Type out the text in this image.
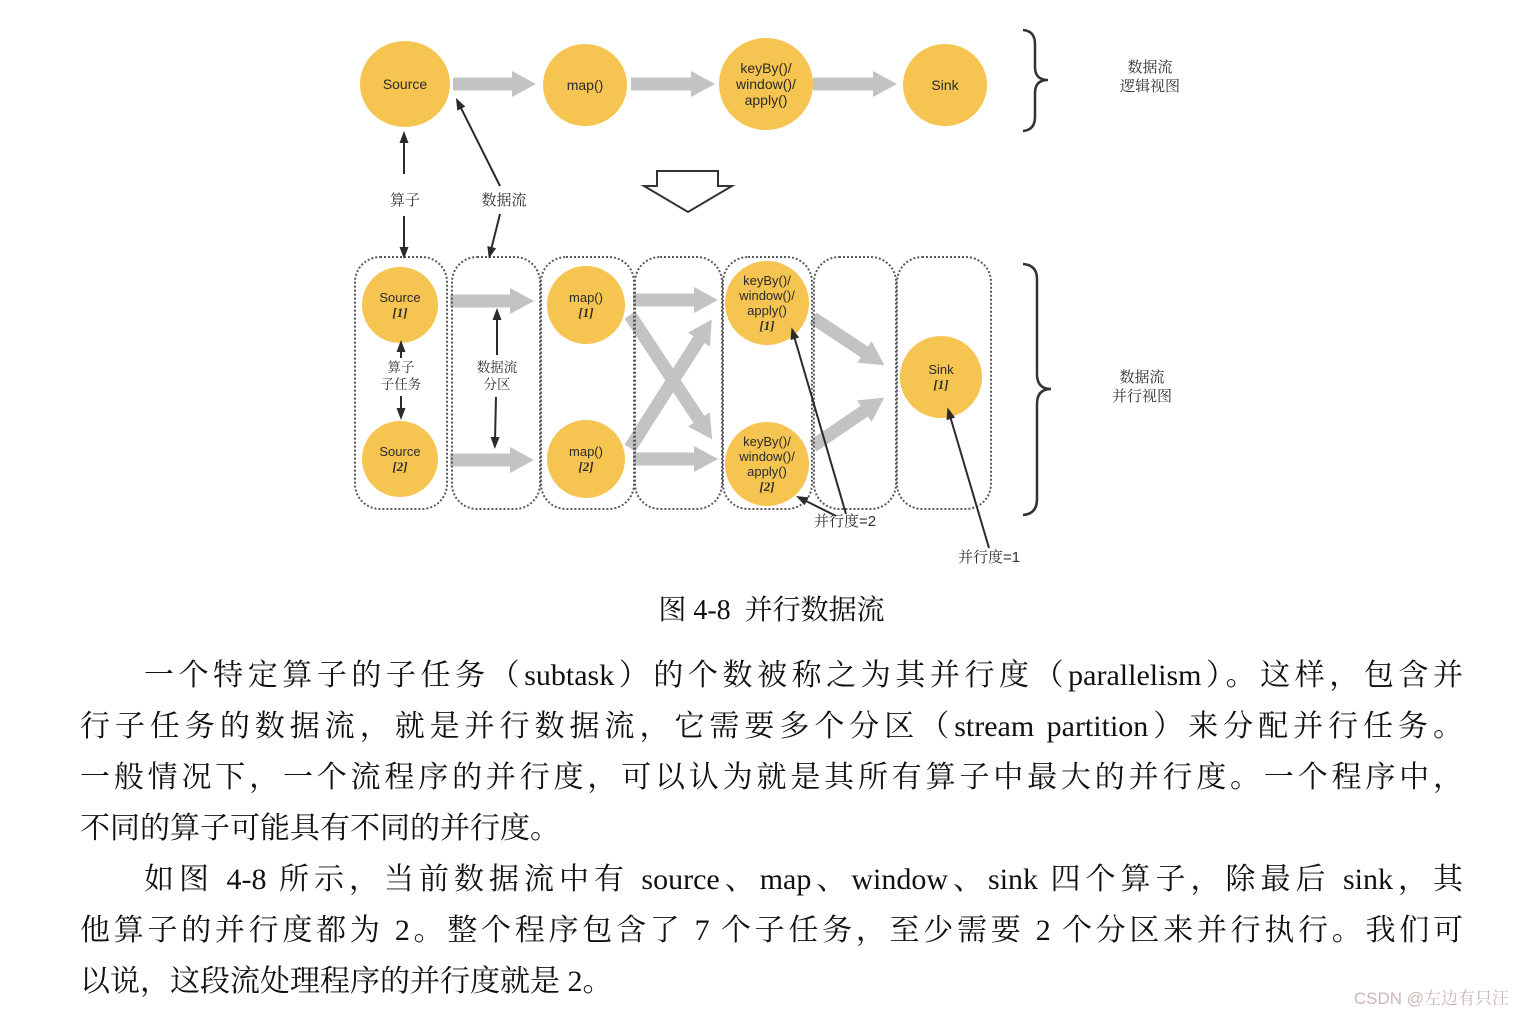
Source	map()
keyBy()/
window()/
apply()
Sink
Source
[1]
Source
[2]
map()
[1]
map()
[2]
keyBy()/
window()/
apply()
[1]
keyBy()/
window()/
apply()
[2]
Sink
[1]
算子	数据流
算子
子任务
数据流
分区
并行度=2
并行度=1
数据流
逻辑视图
数据流
并行视图
图 4-8  并行数据流
一个特定算子的子任务（subtask）的个数被称之为其并行度（parallelism）。这样，包含并
行子任务的数据流，就是并行数据流，它需要多个分区（stream partition）来分配并行任务。
一般情况下，一个流程序的并行度，可以认为就是其所有算子中最大的并行度。一个程序中，
不同的算子可能具有不同的并行度。
如图 4-8 所示，当前数据流中有 source、map、window、sink 四个算子，除最后 sink，其
他算子的并行度都为 2。整个程序包含了 7 个子任务，至少需要 2 个分区来并行执行。我们可
以说，这段流处理程序的并行度就是 2。
CSDN @左边有只汪
